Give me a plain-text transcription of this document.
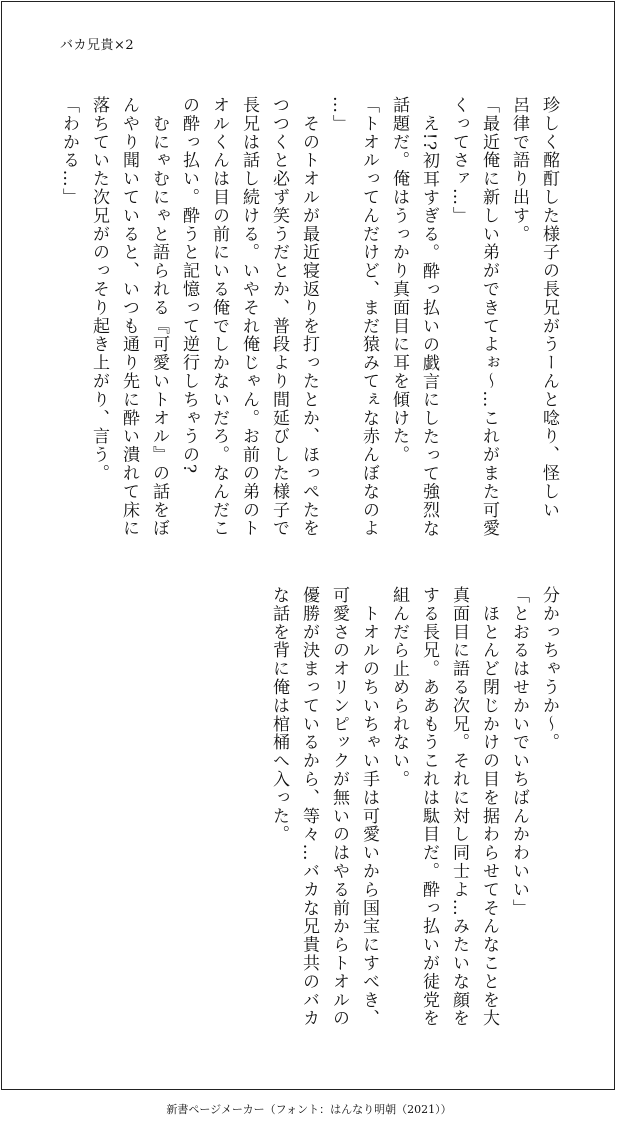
バカ兄貴×2
珍しく酩酊した様子の長兄がうーんと唸り、怪しい
呂律で語り出す。
「最近俺に新しい弟ができてよぉ〜…これがまた可愛
くってさァ…」
　え!?初耳すぎる。酔っ払いの戯言にしたって強烈な
話題だ。俺はうっかり真面目に耳を傾けた。
「トオルってんだけど、まだ猿みてぇな赤んぼなのよ
…」
　そのトオルが最近寝返りを打ったとか、ほっぺたを
つつくと必ず笑うだとか、普段より間延びした様子で
長兄は話し続ける。いやそれ俺じゃん。お前の弟のト
オルくんは目の前にいる俺でしかないだろ。なんだこ
の酔っ払い。酔うと記憶って逆行しちゃうの?
　むにゃむにゃと語られる『可愛いトオル』の話をぼ
んやり聞いていると、いつも通り先に酔い潰れて床に
落ちていた次兄がのっそり起き上がり、言う。
「わかる…」
分かっちゃうか〜。
「とおるはせかいでいちばんかわいい」
　ほとんど閉じかけの目を据わらせてそんなことを大
真面目に語る次兄。それに対し同士よ…みたいな顔を
する長兄。ああもうこれは駄目だ。酔っ払いが徒党を
組んだら止められない。
　トオルのちいちゃい手は可愛いから国宝にすべき、
可愛さのオリンピックが無いのはやる前からトオルの
優勝が決まっているから、等々…バカな兄貴共のバカ
な話を背に俺は棺桶へ入った。
新書ページメーカー（フォント：はんなり明朝（2021））
